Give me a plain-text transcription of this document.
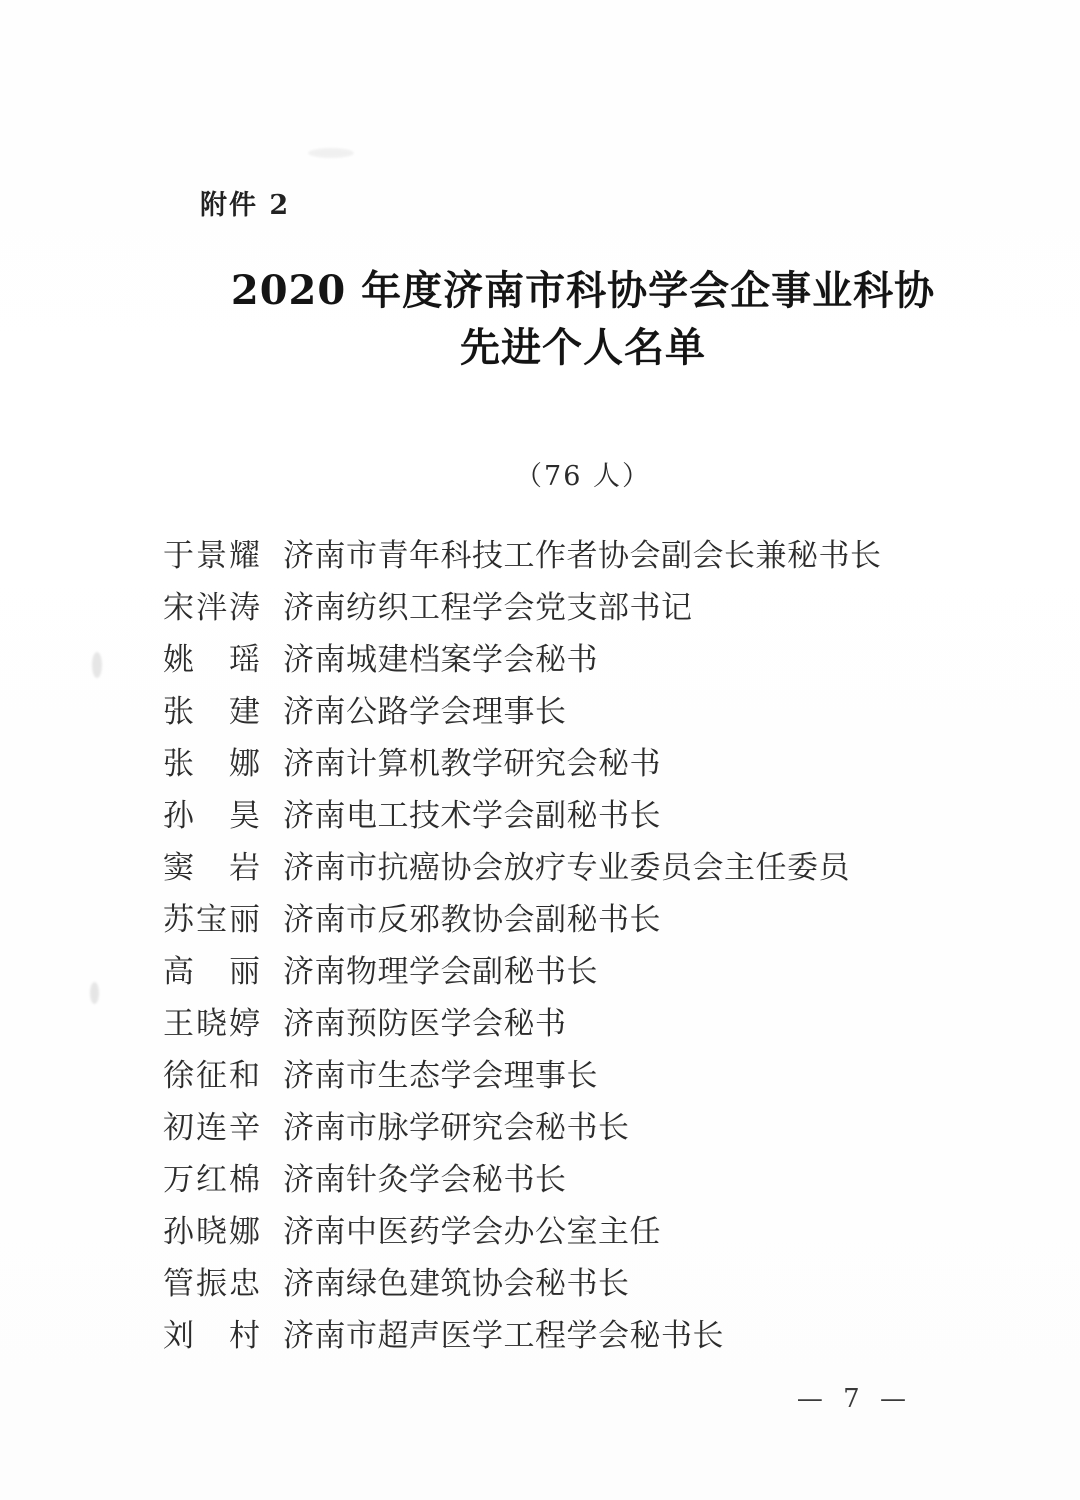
附件 2
2020 年度济南市科协学会企事业科协
先进个人名单
（76 人）
于景耀 济南市青年科技工作者协会副会长兼秘书长
宋泮涛 济南纺织工程学会党支部书记
姚　瑶 济南城建档案学会秘书
张　建 济南公路学会理事长
张　娜 济南计算机教学研究会秘书
孙　昊 济南电工技术学会副秘书长
窦　岩 济南市抗癌协会放疗专业委员会主任委员
苏宝丽 济南市反邪教协会副秘书长
高　丽 济南物理学会副秘书长
王晓婷 济南预防医学会秘书
徐征和 济南市生态学会理事长
初连辛 济南市脉学研究会秘书长
万红棉 济南针灸学会秘书长
孙晓娜 济南中医药学会办公室主任
管振忠 济南绿色建筑协会秘书长
刘　村 济南市超声医学工程学会秘书长
— 7 —
